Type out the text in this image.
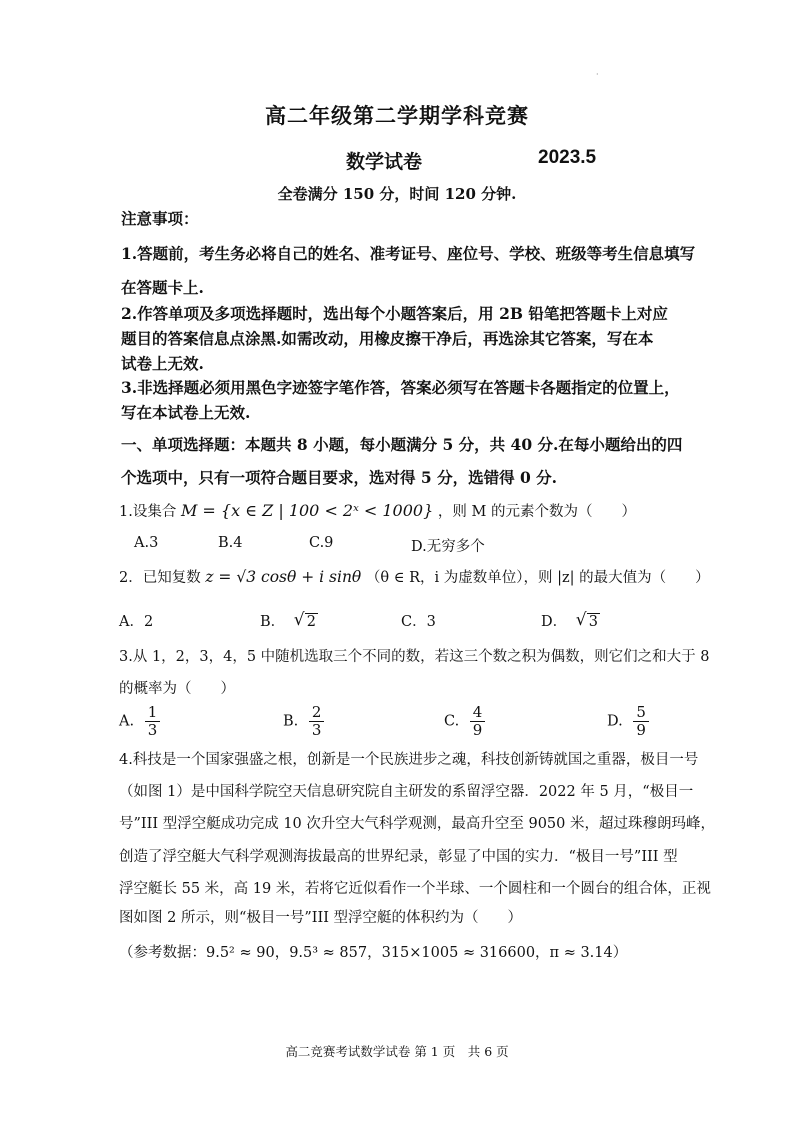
·
高二年级第二学期学科竞赛
数学试卷	2023.5
全卷满分 150 分，时间 120 分钟.
注意事项：
1.答题前，考生务必将自己的姓名、准考证号、座位号、学校、班级等考生信息填写
在答题卡上.
2.作答单项及多项选择题时，选出每个小题答案后，用 2B 铅笔把答题卡上对应
题目的答案信息点涂黑.如需改动，用橡皮擦干净后，再选涂其它答案，写在本
试卷上无效.
3.非选择题必须用黑色字迹签字笔作答，答案必须写在答题卡各题指定的位置上，
写在本试卷上无效.
一、单项选择题：本题共 8 小题，每小题满分 5 分，共 40 分.在每小题给出的四
个选项中，只有一项符合题目要求，选对得 5 分，选错得 0 分.
1.设集合 M = {x ∈ Z | 100 < 2ˣ < 1000} ，则 M 的元素个数为（　　）
A.3	B.4	C.9	D.无穷多个
2．已知复数 z = √3 cosθ + i sinθ （θ ∈ R，i 为虚数单位），则 |z| 的最大值为（　　）
A．2	B． √ 2	C．3	D． √ 3
3.从 1，2，3，4，5 中随机选取三个不同的数，若这三个数之积为偶数，则它们之和大于 8
的概率为（　　）
A. $\frac{1}{3}$	B. $\frac{2}{3}$	C. $\frac{4}{9}$	D. $\frac{5}{9}$
4.科技是一个国家强盛之根，创新是一个民族进步之魂，科技创新铸就国之重器，极目一号
（如图 1）是中国科学院空天信息研究院自主研发的系留浮空器．2022 年 5 月，“极目一
号”III 型浮空艇成功完成 10 次升空大气科学观测，最高升空至 9050 米，超过珠穆朗玛峰，
创造了浮空艇大气科学观测海拔最高的世界纪录，彰显了中国的实力．“极目一号”III 型
浮空艇长 55 米，高 19 米，若将它近似看作一个半球、一个圆柱和一个圆台的组合体，正视
图如图 2 所示，则“极目一号”III 型浮空艇的体积约为（　　）
（参考数据：9.5² ≈ 90，9.5³ ≈ 857，315×1005 ≈ 316600，π ≈ 3.14）
高二竞赛考试数学试卷 第 1 页　共 6 页
